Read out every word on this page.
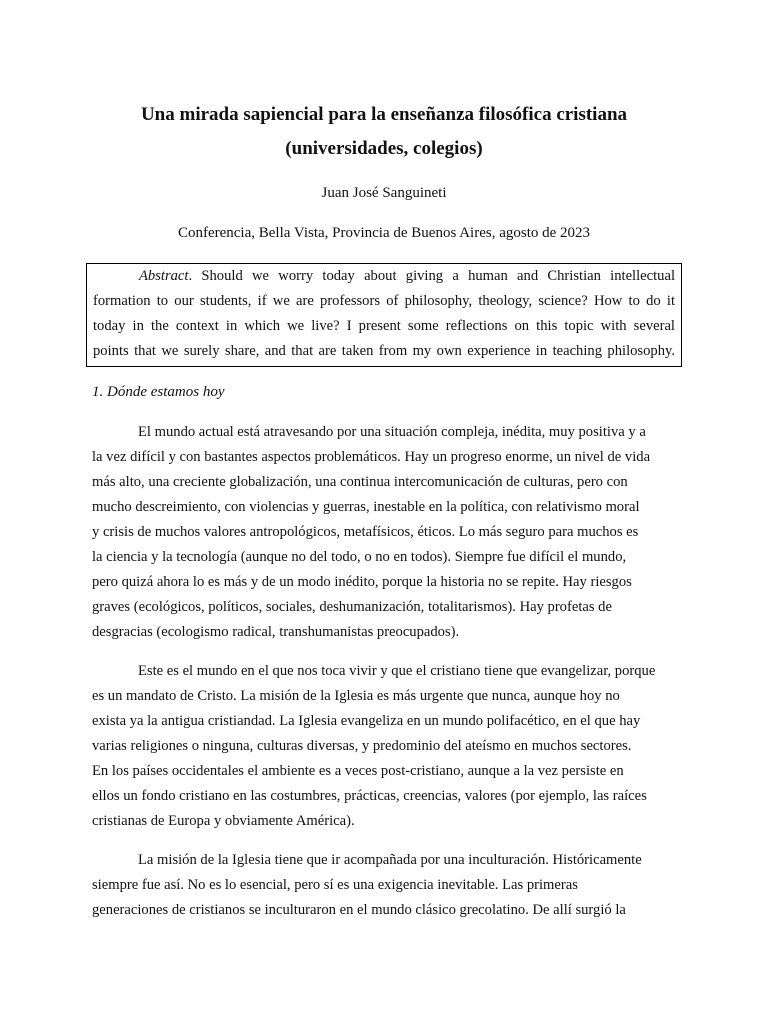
Una mirada sapiencial para la enseñanza filosófica cristiana
(universidades, colegios)

Juan José Sanguineti

Conferencia, Bella Vista, Provincia de Buenos Aires, agosto de 2023

Abstract. Should we worry today about giving a human and Christian intellectual
formation to our students, if we are professors of philosophy, theology, science? How to do it
today in the context in which we live? I present some reflections on this topic with several
points that we surely share, and that are taken from my own experience in teaching philosophy.

1. Dónde estamos hoy

El mundo actual está atravesando por una situación compleja, inédita, muy positiva y a
la vez difícil y con bastantes aspectos problemáticos. Hay un progreso enorme, un nivel de vida
más alto, una creciente globalización, una continua intercomunicación de culturas, pero con
mucho descreimiento, con violencias y guerras, inestable en la política, con relativismo moral
y crisis de muchos valores antropológicos, metafísicos, éticos. Lo más seguro para muchos es
la ciencia y la tecnología (aunque no del todo, o no en todos). Siempre fue difícil el mundo,
pero quizá ahora lo es más y de un modo inédito, porque la historia no se repite. Hay riesgos
graves (ecológicos, políticos, sociales, deshumanización, totalitarismos). Hay profetas de
desgracias (ecologismo radical, transhumanistas preocupados).
Este es el mundo en el que nos toca vivir y que el cristiano tiene que evangelizar, porque
es un mandato de Cristo. La misión de la Iglesia es más urgente que nunca, aunque hoy no
exista ya la antigua cristiandad. La Iglesia evangeliza en un mundo polifacético, en el que hay
varias religiones o ninguna, culturas diversas, y predominio del ateísmo en muchos sectores.
En los países occidentales el ambiente es a veces post-cristiano, aunque a la vez persiste en
ellos un fondo cristiano en las costumbres, prácticas, creencias, valores (por ejemplo, las raíces
cristianas de Europa y obviamente América).
La misión de la Iglesia tiene que ir acompañada por una inculturación. Históricamente
siempre fue así. No es lo esencial, pero sí es una exigencia inevitable. Las primeras
generaciones de cristianos se inculturaron en el mundo clásico grecolatino. De allí surgió la
